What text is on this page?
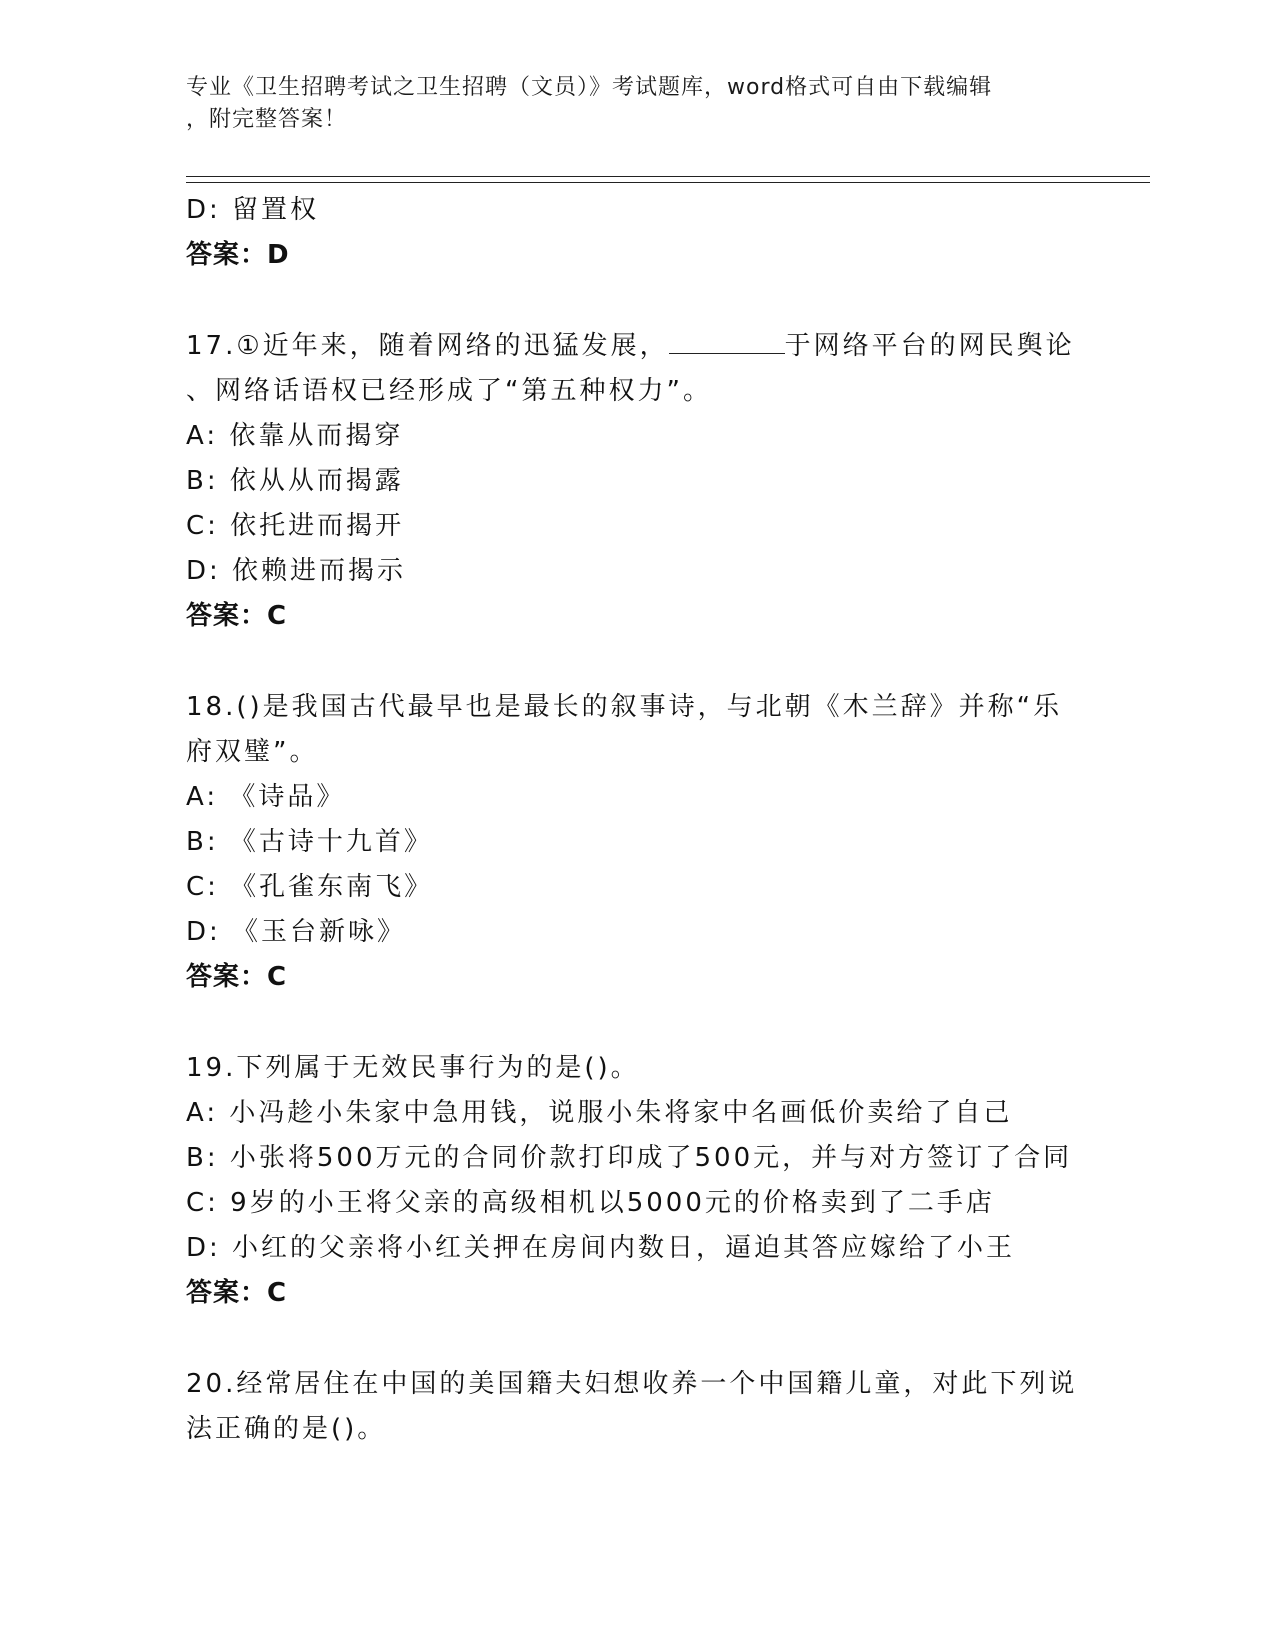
专业《卫生招聘考试之卫生招聘（文员）》考试题库，word格式可自由下载编辑
，附完整答案！
D: 留置权
答案：D
17.①近年来，随着网络的迅猛发展，	于网络平台的网民舆论
、网络话语权已经形成了“第五种权力”。
A: 依靠从而揭穿
B: 依从从而揭露
C: 依托进而揭开
D: 依赖进而揭示
答案：C
18.()是我国古代最早也是最长的叙事诗，与北朝《木兰辞》并称“乐
府双璧”。
A: 《诗品》
B: 《古诗十九首》
C: 《孔雀东南飞》
D: 《玉台新咏》
答案：C
19.下列属于无效民事行为的是()。
A: 小冯趁小朱家中急用钱，说服小朱将家中名画低价卖给了自己
B: 小张将500万元的合同价款打印成了500元，并与对方签订了合同
C: 9岁的小王将父亲的高级相机以5000元的价格卖到了二手店
D: 小红的父亲将小红关押在房间内数日，逼迫其答应嫁给了小王
答案：C
20.经常居住在中国的美国籍夫妇想收养一个中国籍儿童，对此下列说
法正确的是()。
